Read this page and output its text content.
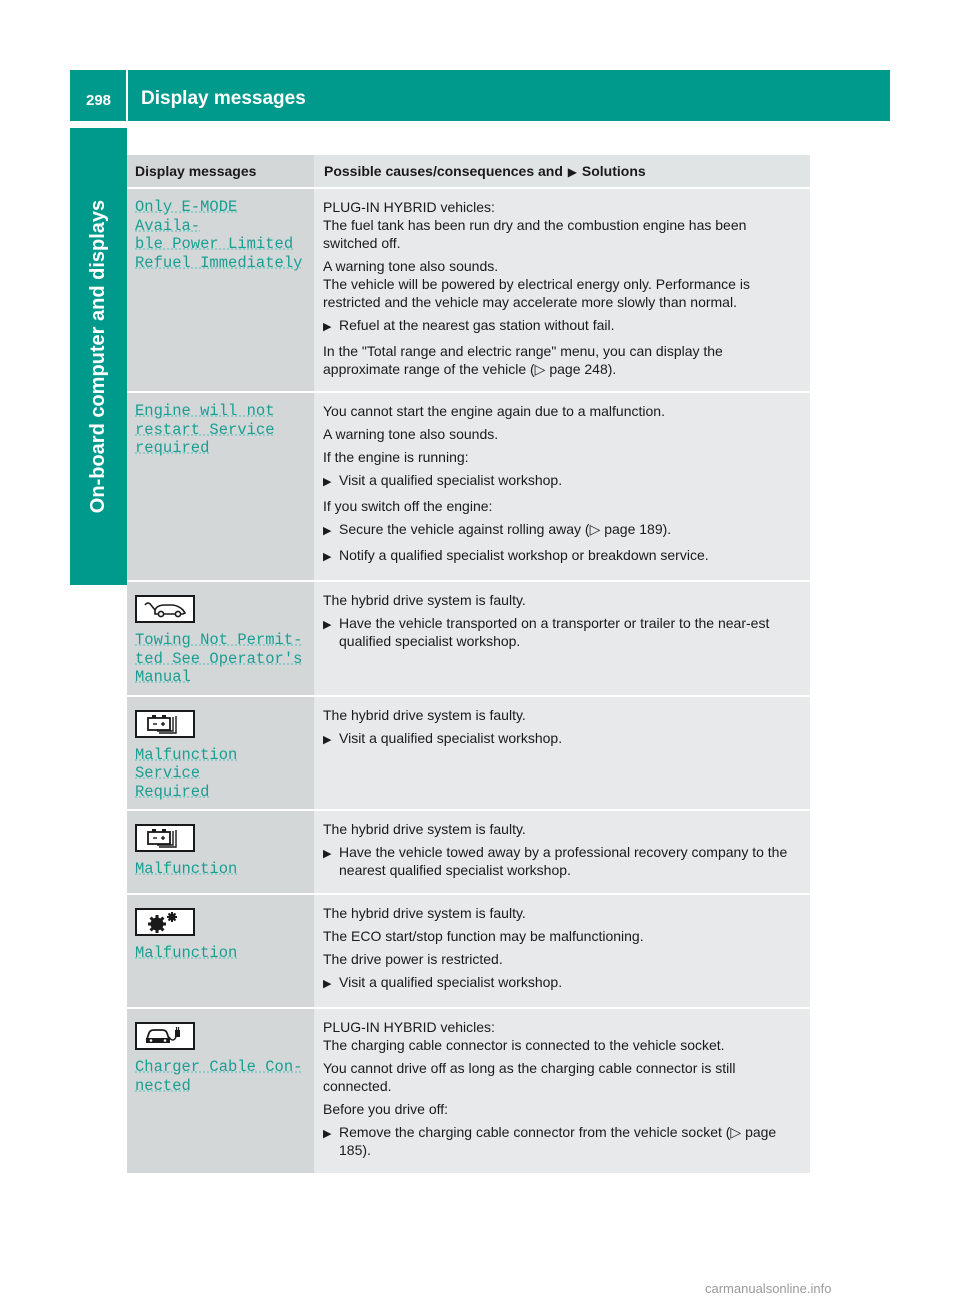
298	Display messages
On-board computer and displays
Display messages	Possible causes/consequences and ▶ Solutions
Only E-MODE Availa-
ble Power Limited
Refuel Immediately
PLUG-IN HYBRID vehicles:
The fuel tank has been run dry and the combustion engine has been switched off.
A warning tone also sounds.
The vehicle will be powered by electrical energy only. Performance is restricted and the vehicle may accelerate more slowly than normal.
▶ Refuel at the nearest gas station without fail.
In the "Total range and electric range" menu, you can display the approximate range of the vehicle (▷ page 248).
Engine will not
restart Service
required
You cannot start the engine again due to a malfunction.
A warning tone also sounds.
If the engine is running:
▶ Visit a qualified specialist workshop.
If you switch off the engine:
▶ Secure the vehicle against rolling away (▷ page 189).
▶ Notify a qualified specialist workshop or breakdown service.
Towing Not Permit-
ted See Operator's
Manual
The hybrid drive system is faulty.
▶ Have the vehicle transported on a transporter or trailer to the near-est qualified specialist workshop.
Malfunction Service
Required
The hybrid drive system is faulty.
▶ Visit a qualified specialist workshop.
Malfunction
The hybrid drive system is faulty.
▶ Have the vehicle towed away by a professional recovery company to the nearest qualified specialist workshop.
Malfunction
The hybrid drive system is faulty.
The ECO start/stop function may be malfunctioning.
The drive power is restricted.
▶ Visit a qualified specialist workshop.
Charger Cable Con-
nected
PLUG-IN HYBRID vehicles:
The charging cable connector is connected to the vehicle socket.
You cannot drive off as long as the charging cable connector is still connected.
Before you drive off:
▶ Remove the charging cable connector from the vehicle socket (▷ page 185).
carmanualsonline.info
